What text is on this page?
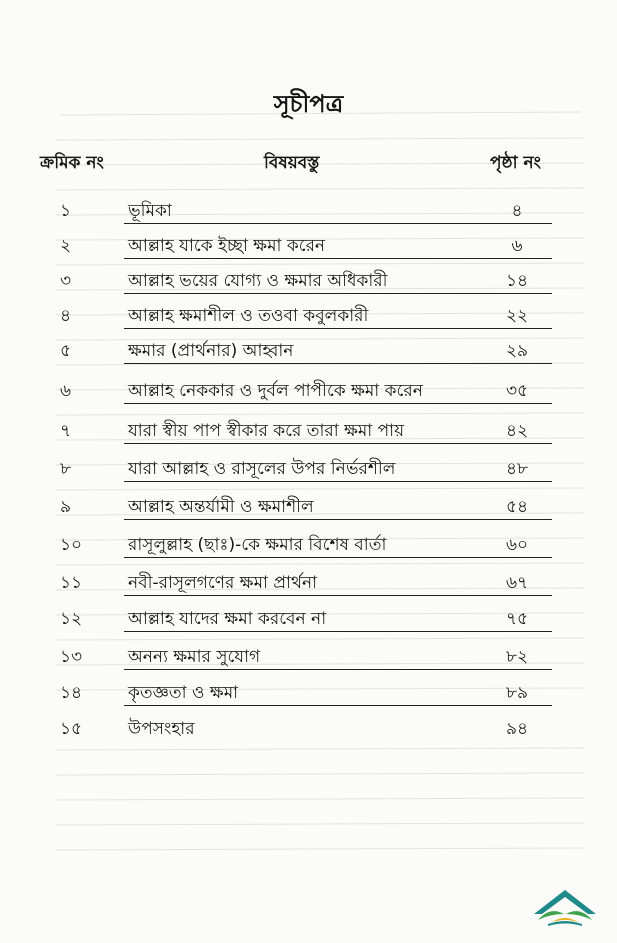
সূচীপত্র
ক্রমিক নং	বিষয়বস্তু	পৃষ্ঠা নং
১	ভূমিকা	৪
২	আল্লাহ যাকে ইচ্ছা ক্ষমা করেন	৬
৩	আল্লাহ ভয়ের যোগ্য ও ক্ষমার অধিকারী	১৪
৪	আল্লাহ ক্ষমাশীল ও তওবা কবুলকারী	২২
৫	ক্ষমার (প্রার্থনার) আহ্বান	২৯
৬	আল্লাহ নেককার ও দুর্বল পাপীকে ক্ষমা করেন	৩৫
৭	যারা স্বীয় পাপ স্বীকার করে তারা ক্ষমা পায়	৪২
৮	যারা আল্লাহ ও রাসূলের উপর নির্ভরশীল	৪৮
৯	আল্লাহ অন্তর্যামী ও ক্ষমাশীল	৫৪
১০	রাসূলুল্লাহ (ছাঃ)-কে ক্ষমার বিশেষ বার্তা	৬০
১১	নবী-রাসূলগণের ক্ষমা প্রার্থনা	৬৭
১২	আল্লাহ যাদের ক্ষমা করবেন না	৭৫
১৩	অনন্য ক্ষমার সুযোগ	৮২
১৪	কৃতজ্ঞতা ও ক্ষমা	৮৯
১৫	উপসংহার	৯৪
